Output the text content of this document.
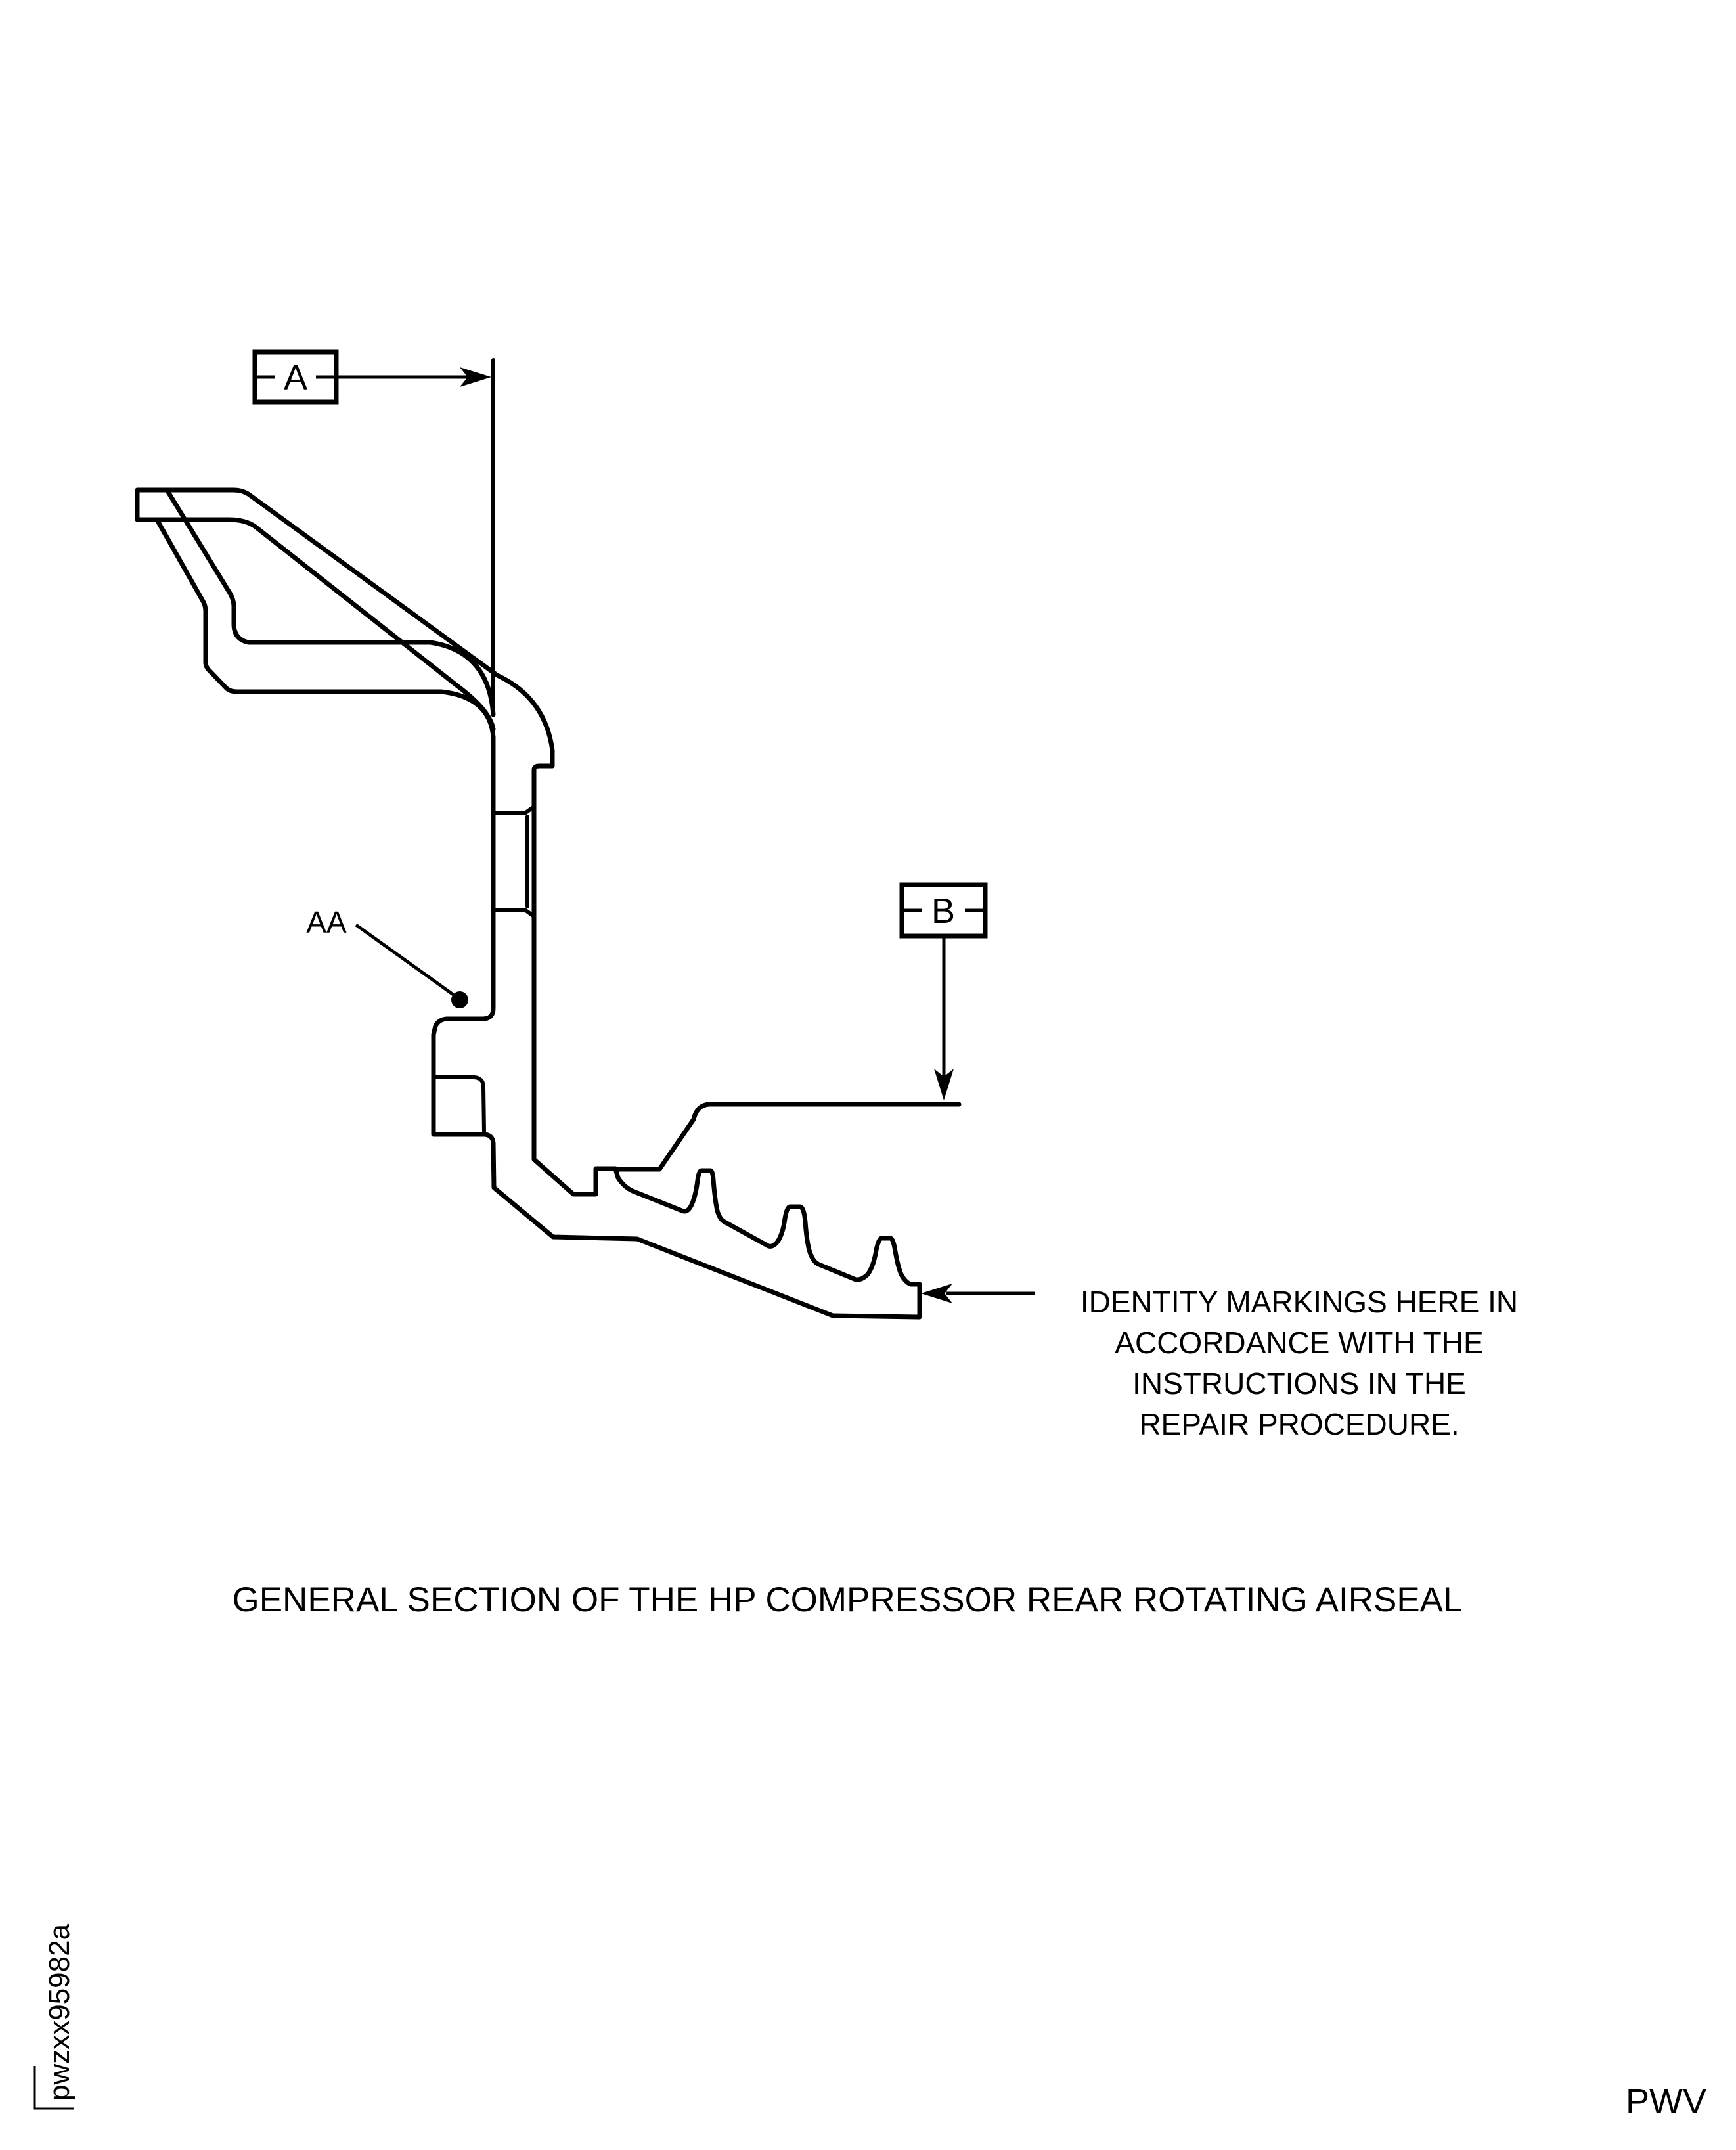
A
B
AA
IDENTITY MARKINGS HERE IN
ACCORDANCE WITH THE
INSTRUCTIONS IN THE
REPAIR PROCEDURE.
GENERAL SECTION OF THE HP COMPRESSOR REAR ROTATING AIRSEAL
pwzxx95982a
PWV
